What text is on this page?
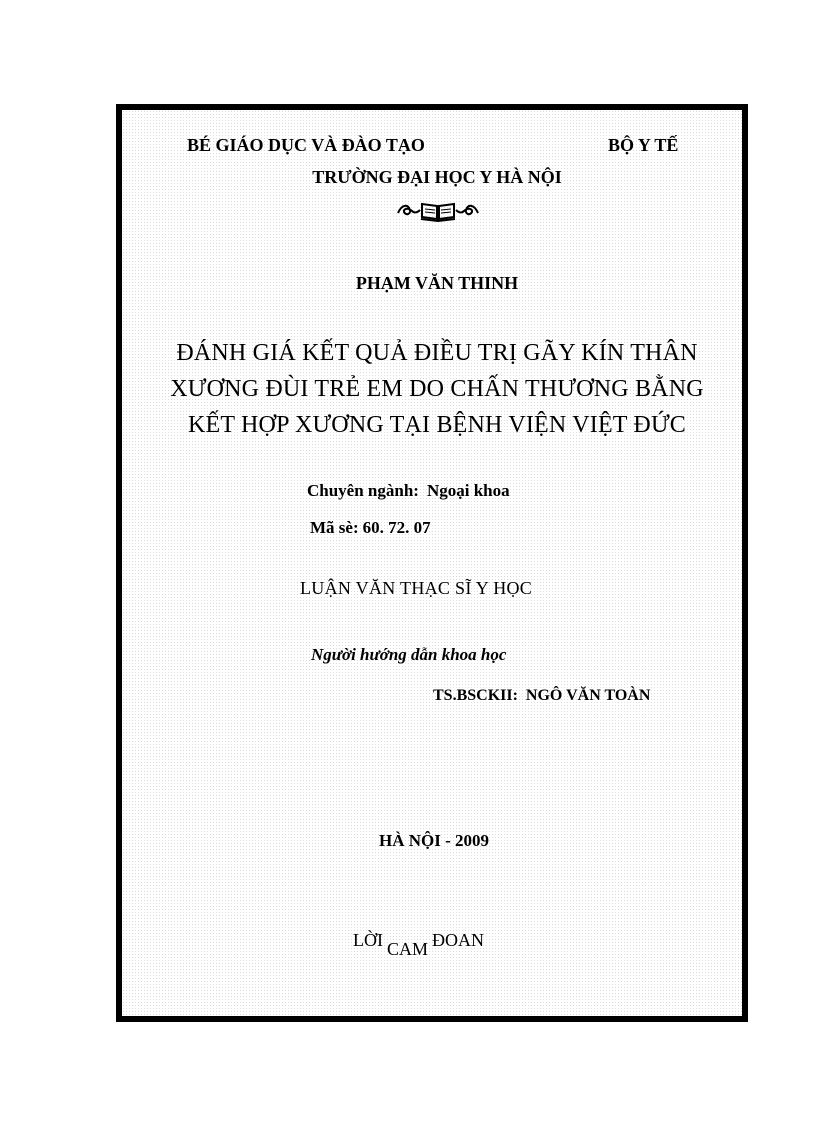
BÉ GIÁO DỤC VÀ ĐÀO TẠO	BỘ Y TẾ
TRƯỜNG ĐẠI HỌC Y HÀ NỘI
PHẠM VĂN THINH
ĐÁNH GIÁ KẾT QUẢ ĐIỀU TRỊ GÃY KÍN THÂN
XƯƠNG ĐÙI TRẺ EM DO CHẤN THƯƠNG BẰNG
KẾT HỢP XƯƠNG TẠI BỆNH VIỆN VIỆT ĐỨC
Chuyên ngành: Ngoại khoa
Mã sè: 60. 72. 07
LUẬN VĂN THẠC SĨ Y HỌC
Người hướng dẫn khoa học
TS.BSCKII: NGÔ VĂN TOÀN
HÀ NỘI - 2009
LỜI CAM ĐOAN
